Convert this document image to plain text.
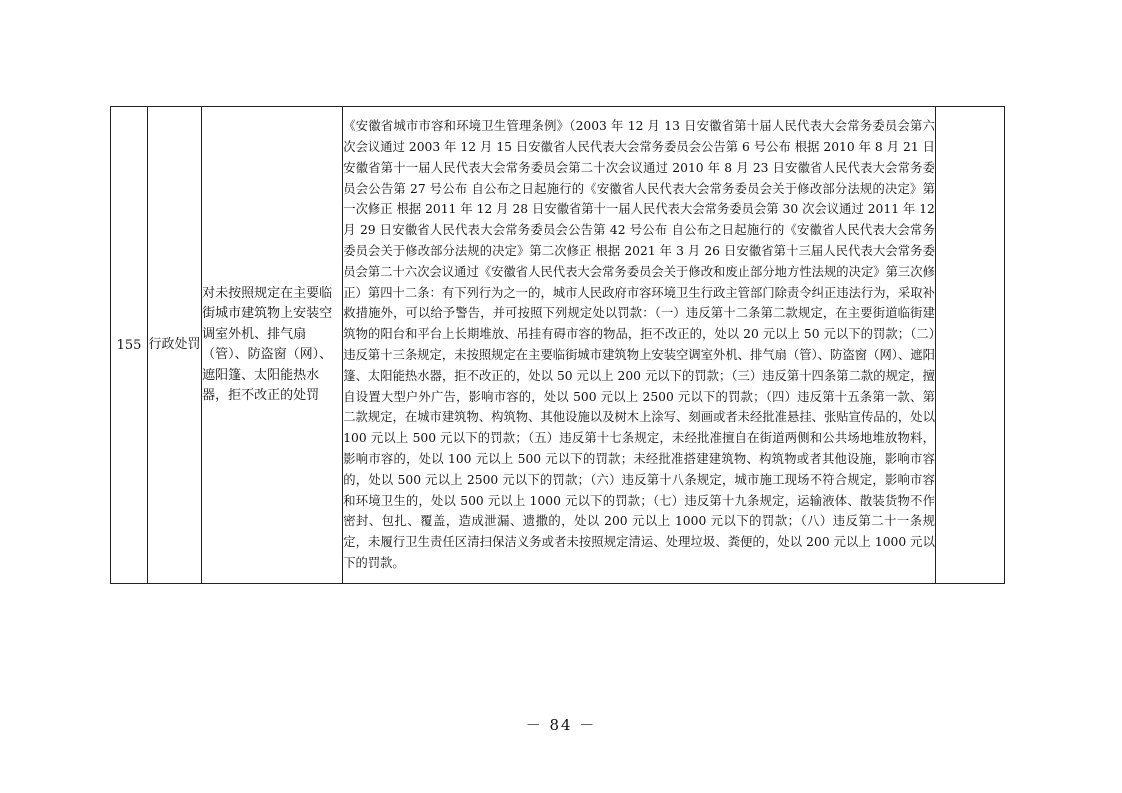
155	行政处罚	对未按照规定在主要临街城市建筑物上安装空调室外机、排气扇（管）、防盗窗（网）、遮阳篷、太阳能热水器，拒不改正的处罚	《安徽省城市市容和环境卫生管理条例》（2003 年 12 月 13 日安徽省第十届人民代表大会常务委员会第六次会议通过 2003 年 12 月 15 日安徽省人民代表大会常务委员会公告第 6 号公布 根据 2010 年 8 月 21 日安徽省第十一届人民代表大会常务委员会第二十次会议通过 2010 年 8 月 23 日安徽省人民代表大会常务委员会公告第 27 号公布 自公布之日起施行的《安徽省人民代表大会常务委员会关于修改部分法规的决定》第一次修正 根据 2011 年 12 月 28 日安徽省第十一届人民代表大会常务委员会第 30 次会议通过 2011 年 12 月 29 日安徽省人民代表大会常务委员会公告第 42 号公布 自公布之日起施行的《安徽省人民代表大会常务委员会关于修改部分法规的决定》第二次修正 根据 2021 年 3 月 26 日安徽省第十三届人民代表大会常务委员会第二十六次会议通过《安徽省人民代表大会常务委员会关于修改和废止部分地方性法规的决定》第三次修正）第四十二条：有下列行为之一的，城市人民政府市容环境卫生行政主管部门除责令纠正违法行为，采取补救措施外，可以给予警告，并可按照下列规定处以罚款：（一）违反第十二条第二款规定，在主要街道临街建筑物的阳台和平台上长期堆放、吊挂有碍市容的物品，拒不改正的，处以 20 元以上 50 元以下的罚款；（二）违反第十三条规定，未按照规定在主要临街城市建筑物上安装空调室外机、排气扇（管）、防盗窗（网）、遮阳篷、太阳能热水器，拒不改正的，处以 50 元以上 200 元以下的罚款；（三）违反第十四条第二款的规定，擅自设置大型户外广告，影响市容的，处以 500 元以上 2500 元以下的罚款；（四）违反第十五条第一款、第二款规定，在城市建筑物、构筑物、其他设施以及树木上涂写、刻画或者未经批准悬挂、张贴宣传品的，处以 100 元以上 500 元以下的罚款；（五）违反第十七条规定，未经批准擅自在街道两侧和公共场地堆放物料，影响市容的，处以 100 元以上 500 元以下的罚款；未经批准搭建建筑物、构筑物或者其他设施，影响市容的，处以 500 元以上 2500 元以下的罚款；（六）违反第十八条规定，城市施工现场不符合规定，影响市容和环境卫生的，处以 500 元以上 1000 元以下的罚款；（七）违反第十九条规定，运输液体、散装货物不作密封、包扎、覆盖，造成泄漏、遗撒的，处以 200 元以上 1000 元以下的罚款；（八）违反第二十一条规定，未履行卫生责任区清扫保洁义务或者未按照规定清运、处理垃圾、粪便的，处以 200 元以上 1000 元以下的罚款。	
－ 84 －
